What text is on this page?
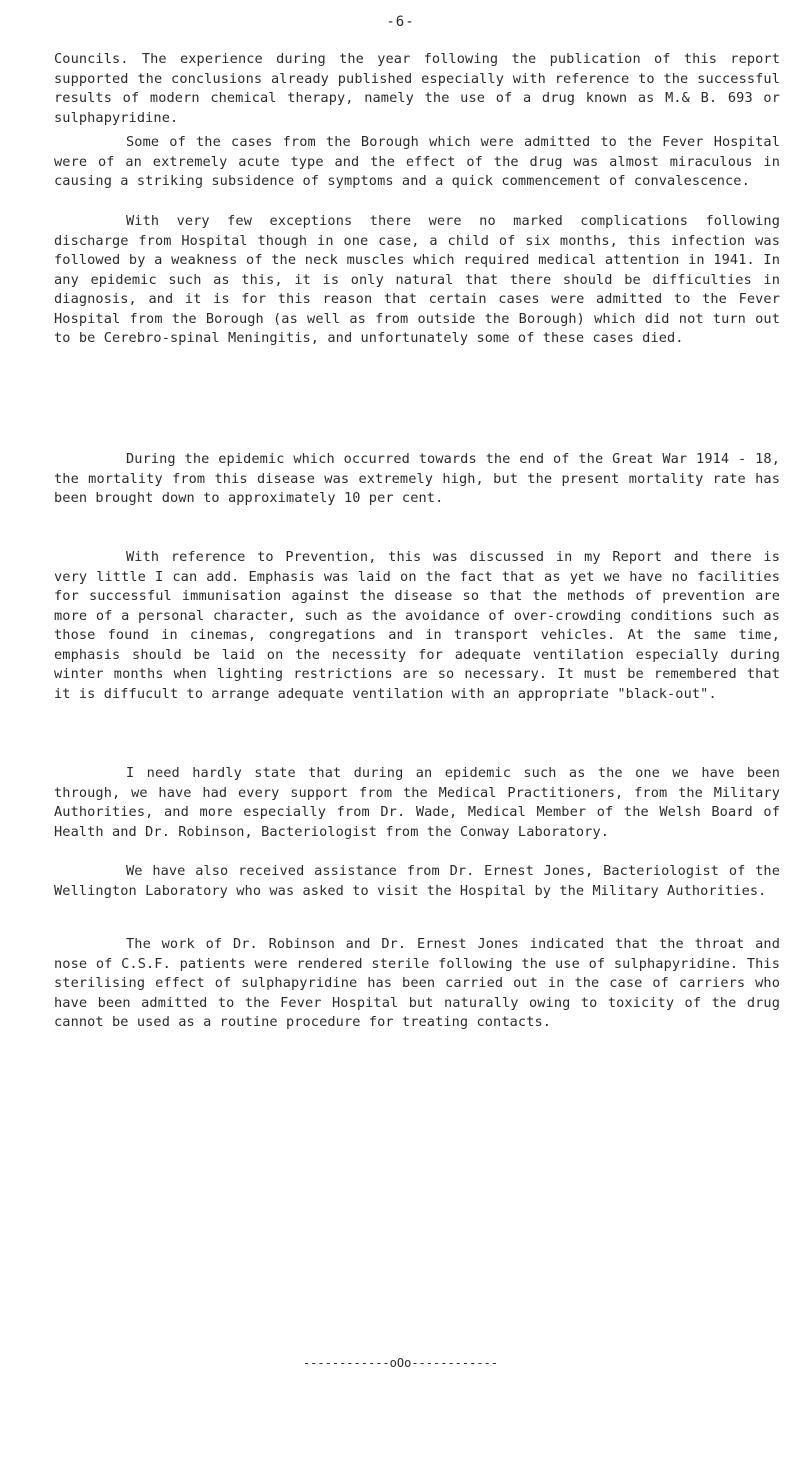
-6-

Councils. The experience during the year following the publication of this report supported the conclusions already published especially with reference to the successful results of modern chemical therapy, namely the use of a drug known as M.& B. 693 or sulphapyridine.

Some of the cases from the Borough which were admitted to the Fever Hospital were of an extremely acute type and the effect of the drug was almost miraculous in causing a striking subsidence of symptoms and a quick commencement of convalescence.

With very few exceptions there were no marked complications following discharge from Hospital though in one case, a child of six months, this infection was followed by a weakness of the neck muscles which required medical attention in 1941. In any epidemic such as this, it is only natural that there should be difficulties in diagnosis, and it is for this reason that certain cases were admitted to the Fever Hospital from the Borough (as well as from outside the Borough) which did not turn out to be Cerebro-spinal Meningitis, and unfortunately some of these cases died.

During the epidemic which occurred towards the end of the Great War 1914 - 18, the mortality from this disease was extremely high, but the present mortality rate has been brought down to approximately 10 per cent.

With reference to Prevention, this was discussed in my Report and there is very little I can add. Emphasis was laid on the fact that as yet we have no facilities for successful immunisation against the disease so that the methods of prevention are more of a personal character, such as the avoidance of over-crowding conditions such as those found in cinemas, congregations and in transport vehicles. At the same time, emphasis should be laid on the necessity for adequate ventilation especially during winter months when lighting restrictions are so necessary. It must be remembered that it is diffucult to arrange adequate ventilation with an appropriate "black-out".

I need hardly state that during an epidemic such as the one we have been through, we have had every support from the Medical Practitioners, from the Military Authorities, and more especially from Dr. Wade, Medical Member of the Welsh Board of Health and Dr. Robinson, Bacteriologist from the Conway Laboratory.

We have also received assistance from Dr. Ernest Jones, Bacteriologist of the Wellington Laboratory who was asked to visit the Hospital by the Military Authorities.

The work of Dr. Robinson and Dr. Ernest Jones indicated that the throat and nose of C.S.F. patients were rendered sterile following the use of sulphapyridine. This sterilising effect of sulphapyridine has been carried out in the case of carriers who have been admitted to the Fever Hospital but naturally owing to toxicity of the drug cannot be used as a routine procedure for treating contacts.

------------oOo------------
